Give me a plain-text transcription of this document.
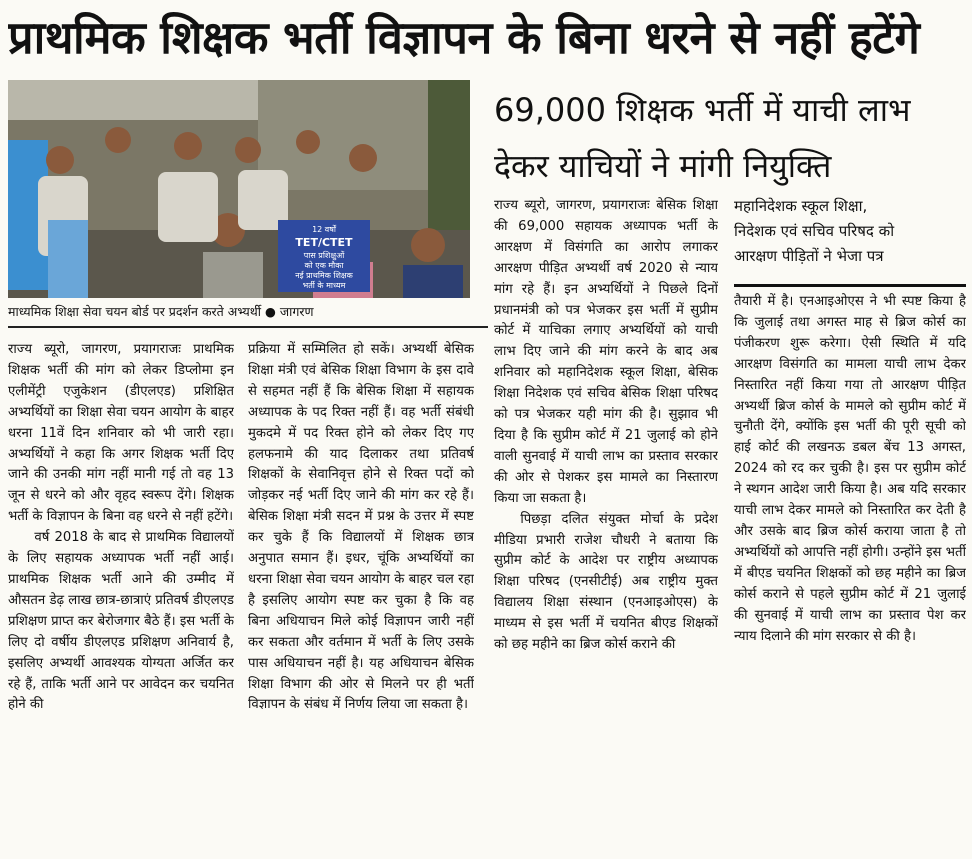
प्राथमिक शिक्षक भर्ती विज्ञापन के बिना धरने से नहीं हटेंगे
12 वर्षों
TET/CTET
पास प्रशिक्षुओं
को एक मौका
नई प्राथमिक शिक्षक
भर्ती के माध्यम
माध्यमिक शिक्षा सेवा चयन बोर्ड पर प्रदर्शन करते अभ्यर्थी ● जागरण
69,000 शिक्षक भर्ती में याची लाभ
देकर याचियों ने मांगी नियुक्ति
महानिदेशक स्कूल शिक्षा,
निदेशक एवं सचिव परिषद को
आरक्षण पीड़ितों ने भेजा पत्र

राज्य ब्यूरो, जागरण, प्रयागराजः प्राथमिक शिक्षक भर्ती की मांग को लेकर डिप्लोमा इन एलीमेंट्री एजुकेशन (डीएलएड) प्रशिक्षित अभ्यर्थियों का शिक्षा सेवा चयन आयोग के बाहर धरना 11वें दिन शनिवार को भी जारी रहा। अभ्यर्थियों ने कहा कि अगर शिक्षक भर्ती दिए जाने की उनकी मांग नहीं मानी गई तो वह 13 जून से धरने को और वृहद स्वरूप देंगे। शिक्षक भर्ती के विज्ञापन के बिना वह धरने से नहीं हटेंगे।

वर्ष 2018 के बाद से प्राथमिक विद्यालयों के लिए सहायक अध्यापक भर्ती नहीं आई। प्राथमिक शिक्षक भर्ती आने की उम्मीद में औसतन डेढ़ लाख छात्र-छात्राएं प्रतिवर्ष डीएलएड प्रशिक्षण प्राप्त कर बेरोजगार बैठे हैं। इस भर्ती के लिए दो वर्षीय डीएलएड प्रशिक्षण अनिवार्य है, इसलिए अभ्यर्थी आवश्यक योग्यता अर्जित कर रहे हैं, ताकि भर्ती आने पर आवेदन कर चयनित होने की

प्रक्रिया में सम्मिलित हो सकें। अभ्यर्थी बेसिक शिक्षा मंत्री एवं बेसिक शिक्षा विभाग के इस दावे से सहमत नहीं हैं कि बेसिक शिक्षा में सहायक अध्यापक के पद रिक्त नहीं हैं। वह भर्ती संबंधी मुकदमे में पद रिक्त होने को लेकर दिए गए हलफनामे की याद दिलाकर तथा प्रतिवर्ष शिक्षकों के सेवानिवृत्त होने से रिक्त पदों को जोड़कर नई भर्ती दिए जाने की मांग कर रहे हैं। बेसिक शिक्षा मंत्री सदन में प्रश्न के उत्तर में स्पष्ट कर चुके हैं कि विद्यालयों में शिक्षक छात्र अनुपात समान हैं। इधर, चूंकि अभ्यर्थियों का धरना शिक्षा सेवा चयन आयोग के बाहर चल रहा है इसलिए आयोग स्पष्ट कर चुका है कि वह बिना अधियाचन मिले कोई विज्ञापन जारी नहीं कर सकता और वर्तमान में भर्ती के लिए उसके पास अधियाचन नहीं है। यह अधियाचन बेसिक शिक्षा विभाग की ओर से मिलने पर ही भर्ती विज्ञापन के संबंध में निर्णय लिया जा सकता है।

राज्य ब्यूरो, जागरण, प्रयागराजः बेसिक शिक्षा की 69,000 सहायक अध्यापक भर्ती के आरक्षण में विसंगति का आरोप लगाकर आरक्षण पीड़ित अभ्यर्थी वर्ष 2020 से न्याय मांग रहे हैं। इन अभ्यर्थियों ने पिछले दिनों प्रधानमंत्री को पत्र भेजकर इस भर्ती में सुप्रीम कोर्ट में याचिका लगाए अभ्यर्थियों को याची लाभ दिए जाने की मांग करने के बाद अब शनिवार को महानिदेशक स्कूल शिक्षा, बेसिक शिक्षा निदेशक एवं सचिव बेसिक शिक्षा परिषद को पत्र भेजकर यही मांग की है। सुझाव भी दिया है कि सुप्रीम कोर्ट में 21 जुलाई को होने वाली सुनवाई में याची लाभ का प्रस्ताव सरकार की ओर से पेशकर इस मामले का निस्तारण किया जा सकता है।

पिछड़ा दलित संयुक्त मोर्चा के प्रदेश मीडिया प्रभारी राजेश चौधरी ने बताया कि सुप्रीम कोर्ट के आदेश पर राष्ट्रीय अध्यापक शिक्षा परिषद (एनसीटीई) अब राष्ट्रीय मुक्त विद्यालय शिक्षा संस्थान (एनआइओएस) के माध्यम से इस भर्ती में चयनित बीएड शिक्षकों को छह महीने का ब्रिज कोर्स कराने की

तैयारी में है। एनआइओएस ने भी स्पष्ट किया है कि जुलाई तथा अगस्त माह से ब्रिज कोर्स का पंजीकरण शुरू करेगा। ऐसी स्थिति में यदि आरक्षण विसंगति का मामला याची लाभ देकर निस्तारित नहीं किया गया तो आरक्षण पीड़ित अभ्यर्थी ब्रिज कोर्स के मामले को सुप्रीम कोर्ट में चुनौती देंगे, क्योंकि इस भर्ती की पूरी सूची को हाई कोर्ट की लखनऊ डबल बेंच 13 अगस्त, 2024 को रद कर चुकी है। इस पर सुप्रीम कोर्ट ने स्थगन आदेश जारी किया है। अब यदि सरकार याची लाभ देकर मामले को निस्तारित कर देती है और उसके बाद ब्रिज कोर्स कराया जाता है तो अभ्यर्थियों को आपत्ति नहीं होगी। उन्होंने इस भर्ती में बीएड चयनित शिक्षकों को छह महीने का ब्रिज कोर्स कराने से पहले सुप्रीम कोर्ट में 21 जुलाई की सुनवाई में याची लाभ का प्रस्ताव पेश कर न्याय दिलाने की मांग सरकार से की है।
